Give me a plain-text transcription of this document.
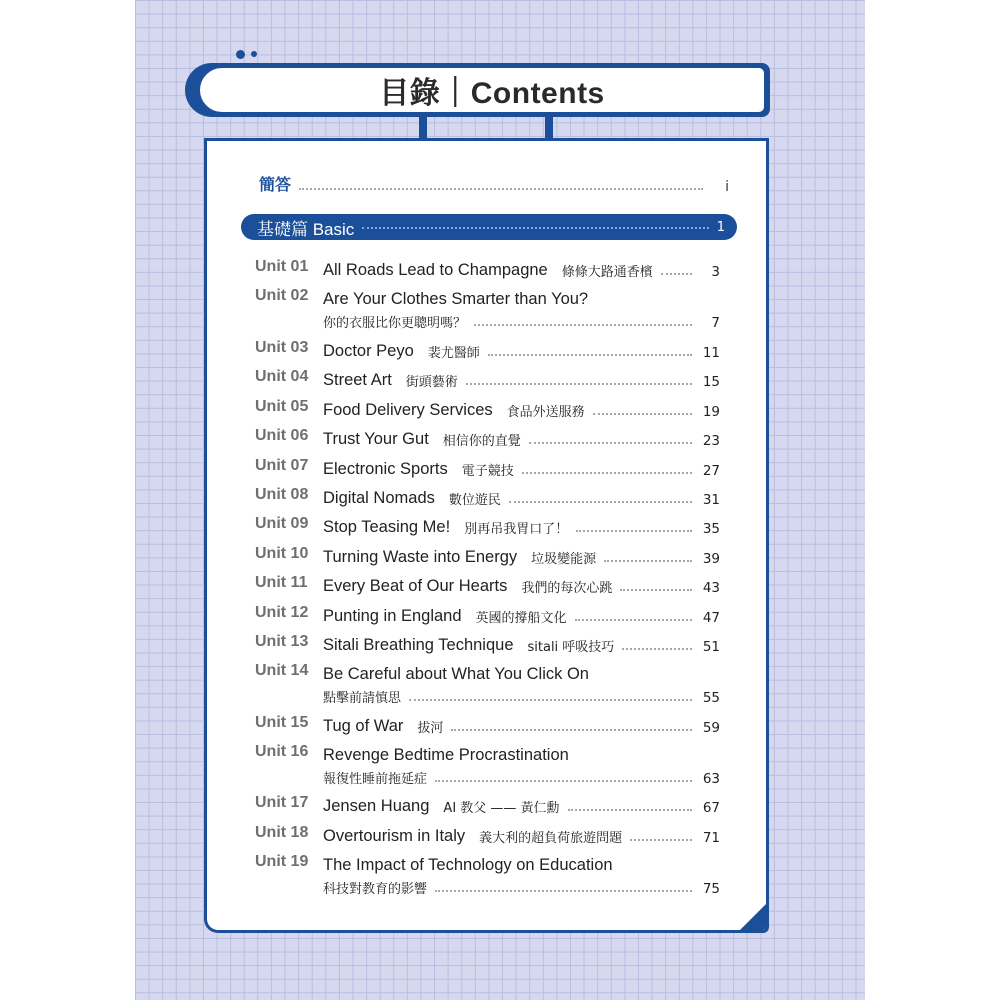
目錄｜Contents
簡答	i
基礎篇 Basic	1
Unit 01 All Roads Lead to Champagne 條條大路通香檳	3
Unit 02 Are Your Clothes Smarter than You?
你的衣服比你更聰明嗎？	7
Unit 03 Doctor Peyo 裴尤醫師	11
Unit 04 Street Art 街頭藝術	15
Unit 05 Food Delivery Services 食品外送服務	19
Unit 06 Trust Your Gut 相信你的直覺	23
Unit 07 Electronic Sports 電子競技	27
Unit 08 Digital Nomads 數位遊民	31
Unit 09 Stop Teasing Me! 別再吊我胃口了！	35
Unit 10 Turning Waste into Energy 垃圾變能源	39
Unit 11 Every Beat of Our Hearts 我們的每次心跳	43
Unit 12 Punting in England 英國的撐船文化	47
Unit 13 Sitali Breathing Technique sitali 呼吸技巧	51
Unit 14 Be Careful about What You Click On
點擊前請慎思	55
Unit 15 Tug of War 拔河	59
Unit 16 Revenge Bedtime Procrastination
報復性睡前拖延症	63
Unit 17 Jensen Huang AI 教父 —— 黃仁勳	67
Unit 18 Overtourism in Italy 義大利的超負荷旅遊問題	71
Unit 19 The Impact of Technology on Education
科技對教育的影響	75
